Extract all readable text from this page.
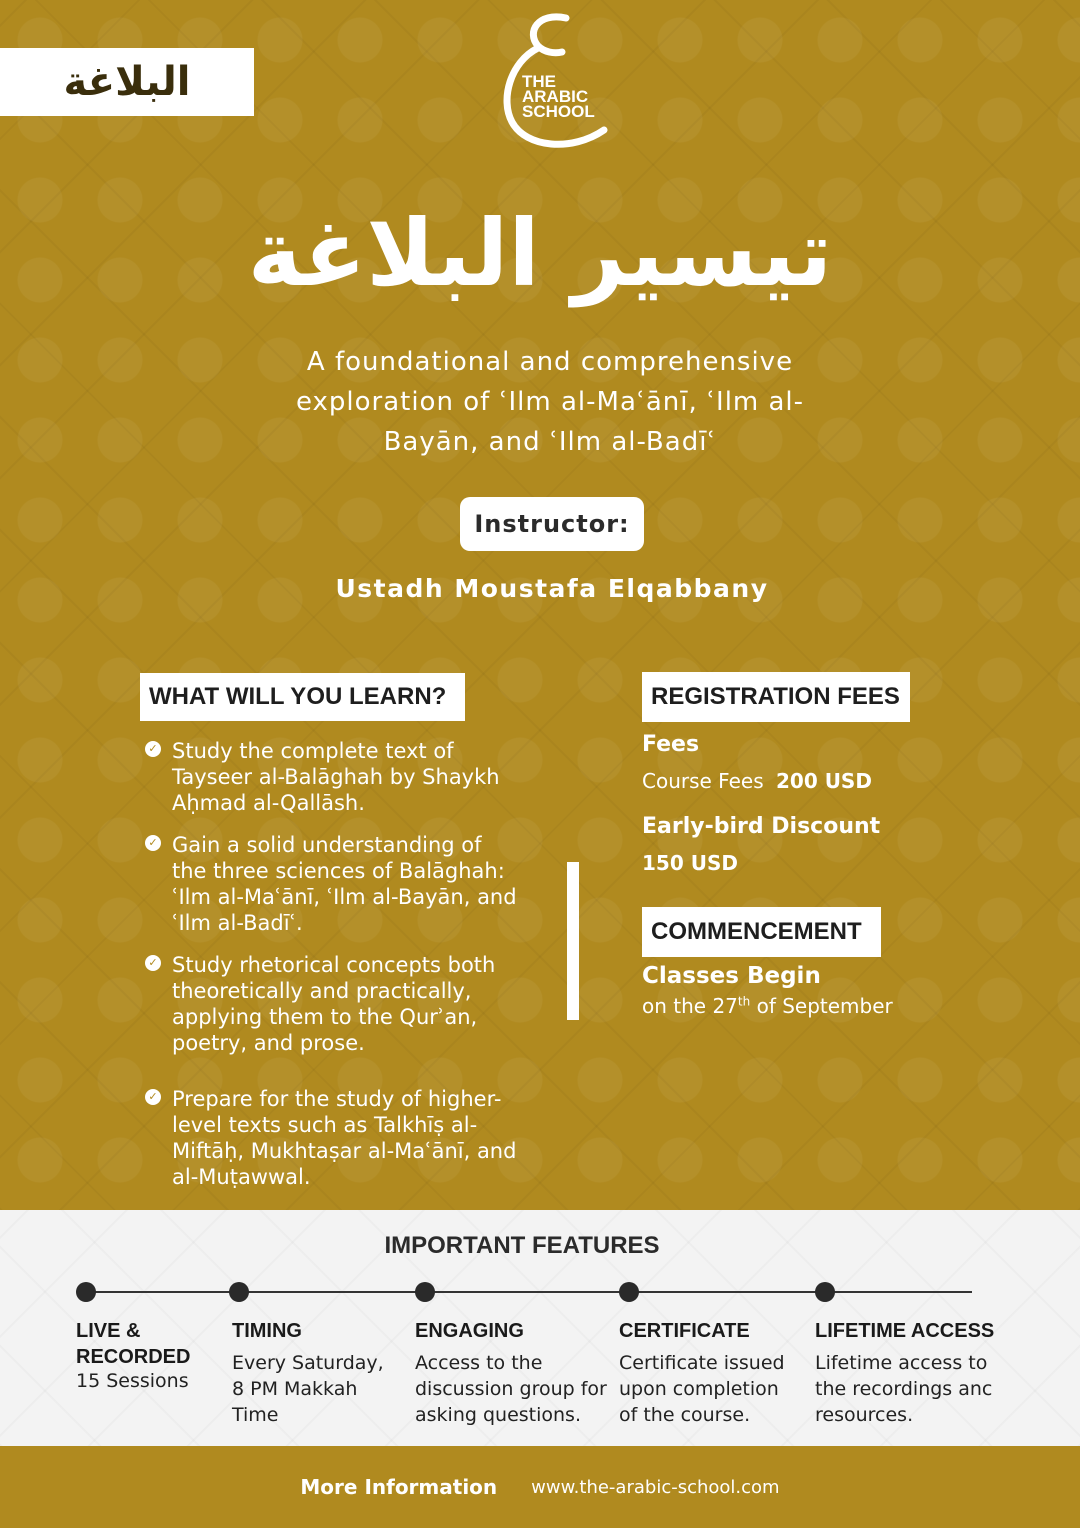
البلاغة	THE
ARABIC
SCHOOL
تيسير البلاغة
A foundational and comprehensive exploration of ʿIlm al-Maʿānī, ʿIlm al-Bayān, and ʿIlm al-Badīʿ
Instructor:
Ustadh Moustafa Elqabbany
WHAT WILL YOU LEARN?
✓ Study the complete text of Tayseer al-Balāghah by Shaykh Aḥmad al-Qallāsh.
✓ Gain a solid understanding of the three sciences of Balāghah: ʿIlm al-Maʿānī, ʿIlm al-Bayān, and ʿIlm al-Badīʿ.
✓ Study rhetorical concepts both theoretically and practically, applying them to the Qurʾan, poetry, and prose.
✓ Prepare for the study of higher-level texts such as Talkhīṣ al-Miftāḥ, Mukhtaṣar al-Maʿānī, and al-Muṭawwal.
REGISTRATION FEES
Fees
Course Fees 200 USD
Early-bird Discount
150 USD
COMMENCEMENT
Classes Begin
on the 27th of September
IMPORTANT FEATURES
LIVE &
RECORDED
15 Sessions
TIMING
Every Saturday, 8 PM Makkah Time
ENGAGING
Access to the discussion group for asking questions.
CERTIFICATE
Certificate issued upon completion of the course.
LIFETIME ACCESS
Lifetime access to the recordings anc resources.
More Information www.the-arabic-school.com
